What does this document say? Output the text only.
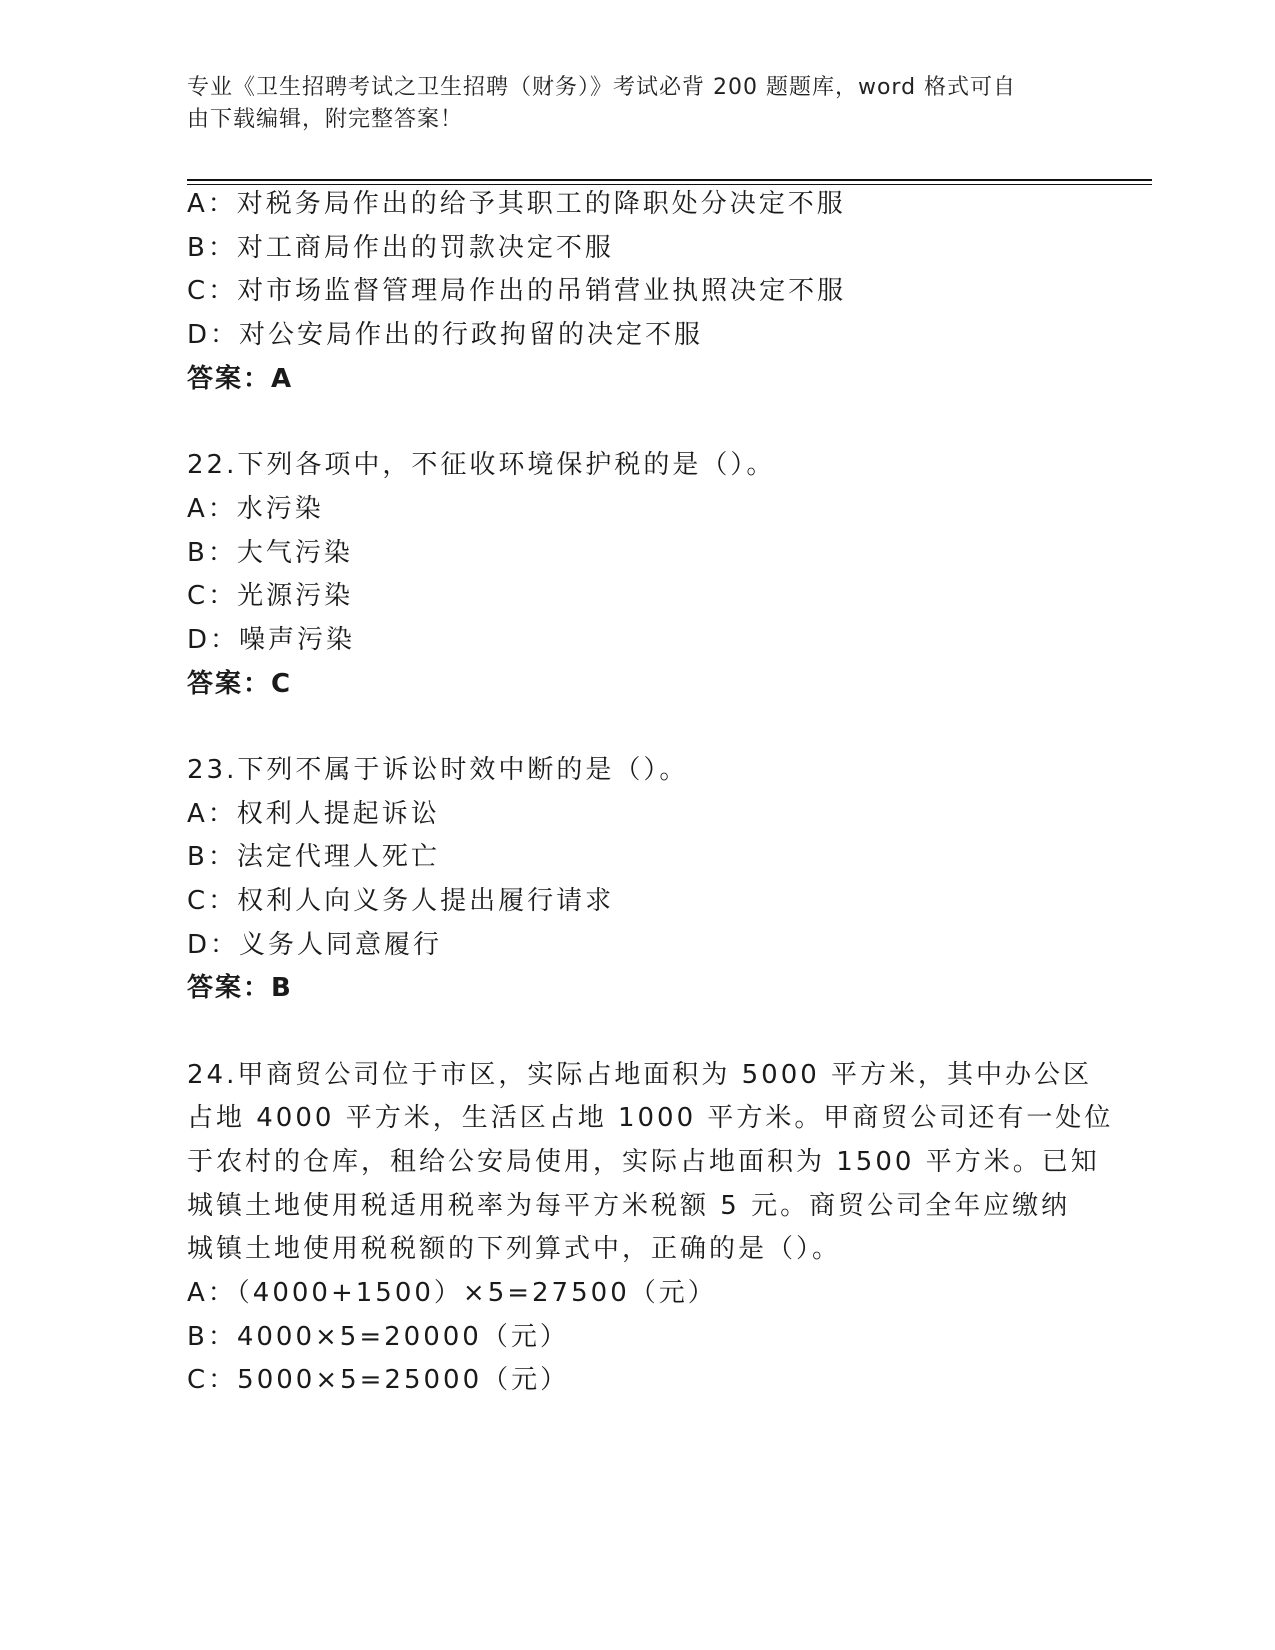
专业《卫生招聘考试之卫生招聘（财务）》考试必背 200 题题库，word 格式可自
由下载编辑，附完整答案！
A：对税务局作出的给予其职工的降职处分决定不服
B：对工商局作出的罚款决定不服
C：对市场监督管理局作出的吊销营业执照决定不服
D：对公安局作出的行政拘留的决定不服
答案：A
22.下列各项中，不征收环境保护税的是（）。
A：水污染
B：大气污染
C：光源污染
D：噪声污染
答案：C
23.下列不属于诉讼时效中断的是（）。
A：权利人提起诉讼
B：法定代理人死亡
C：权利人向义务人提出履行请求
D：义务人同意履行
答案：B
24.甲商贸公司位于市区，实际占地面积为 5000 平方米，其中办公区
占地 4000 平方米，生活区占地 1000 平方米。甲商贸公司还有一处位
于农村的仓库，租给公安局使用，实际占地面积为 1500 平方米。已知
城镇土地使用税适用税率为每平方米税额 5 元。商贸公司全年应缴纳
城镇土地使用税税额的下列算式中，正确的是（）。
A：（4000+1500）×5=27500（元）
B：4000×5=20000（元）
C：5000×5=25000（元）
